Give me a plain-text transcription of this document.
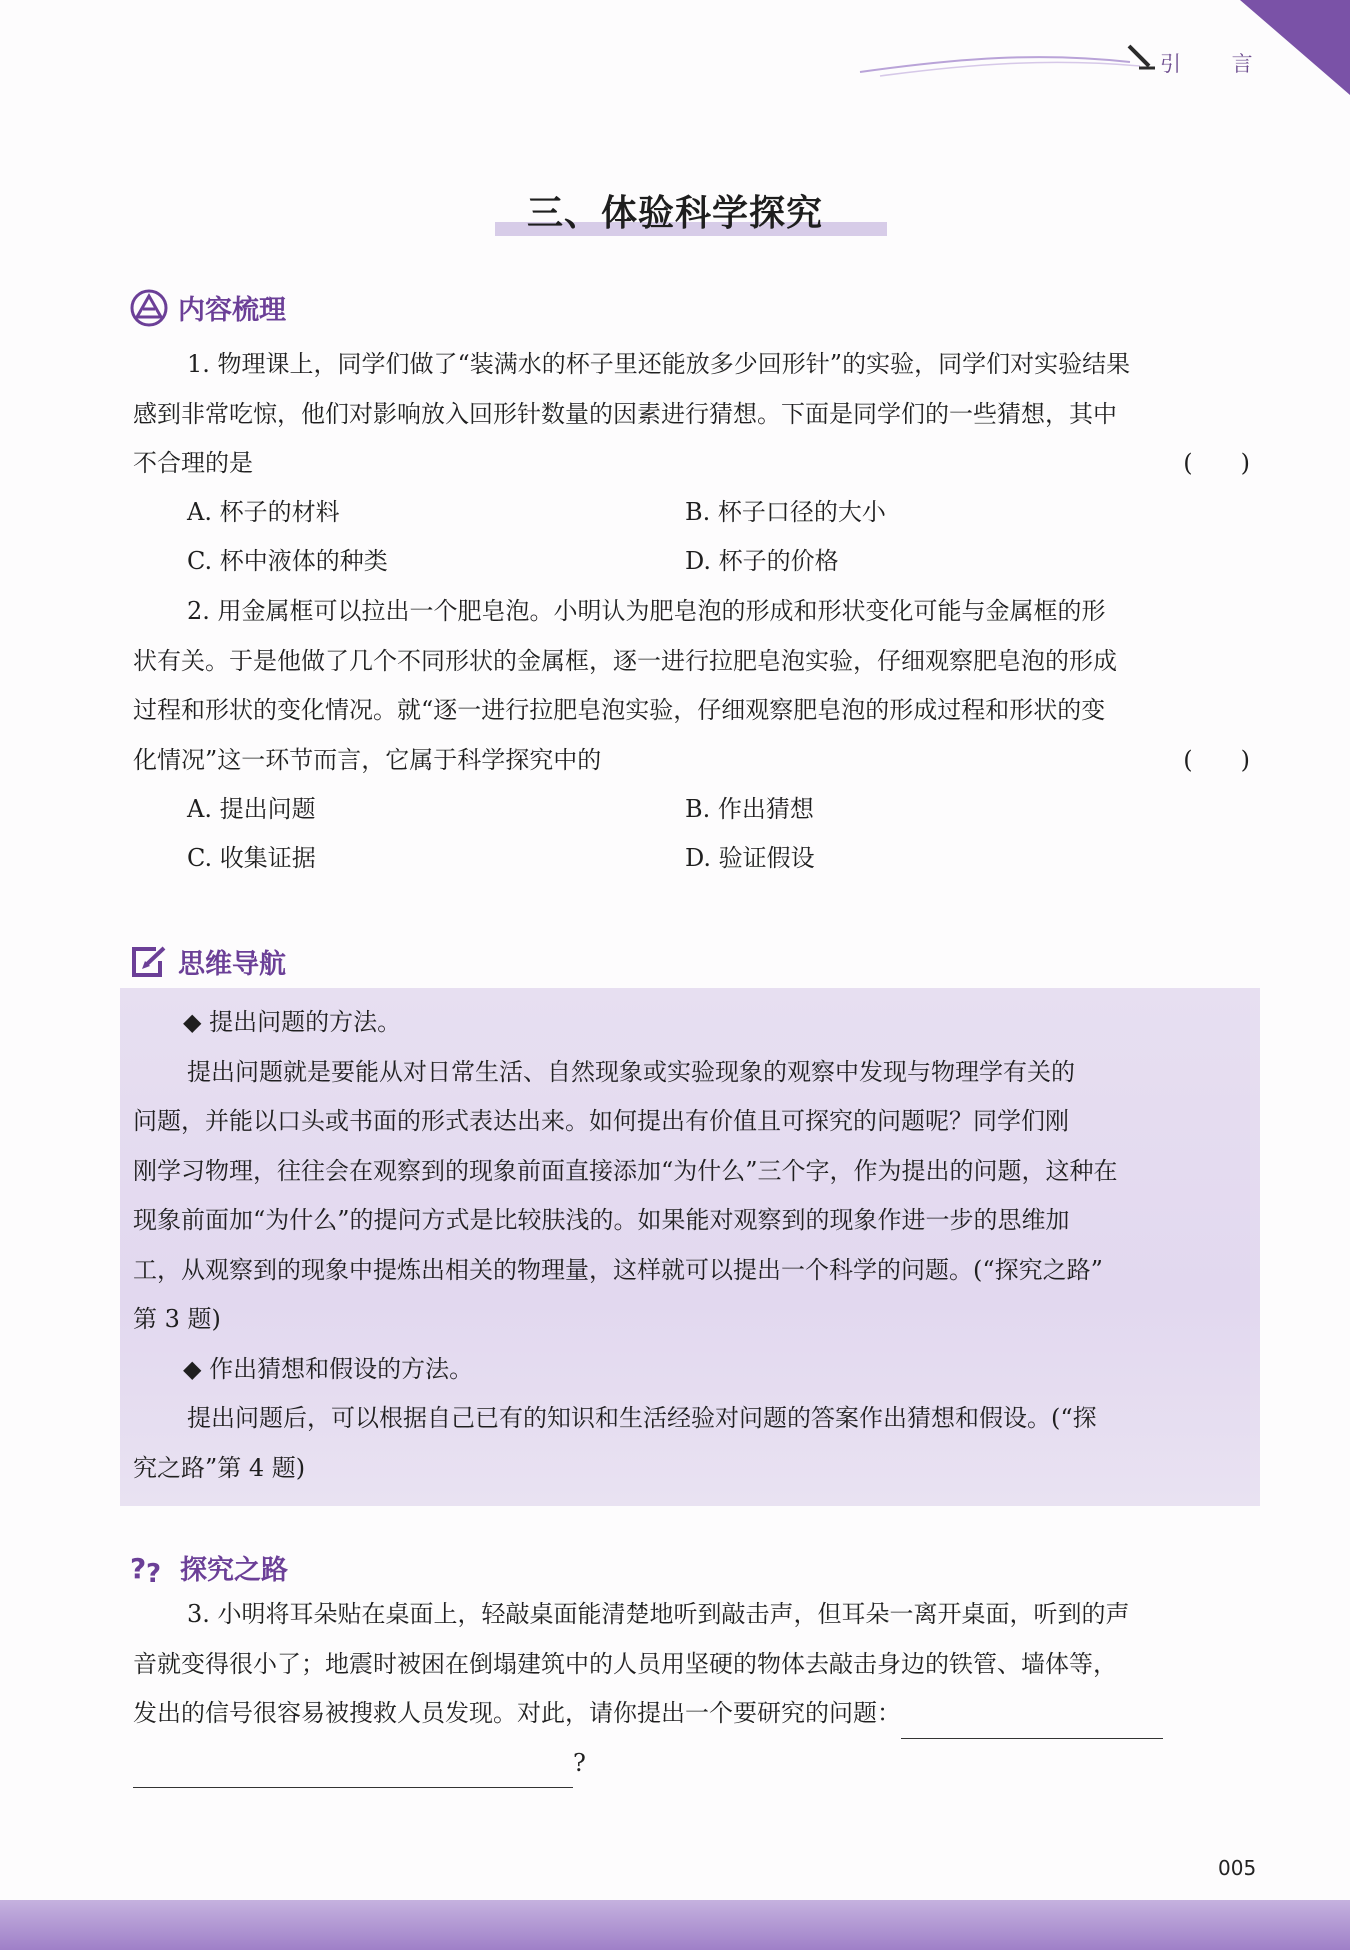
引 言
三、体验科学探究
内容梳理
1. 物理课上，同学们做了“装满水的杯子里还能放多少回形针”的实验，同学们对实验结果
感到非常吃惊，他们对影响放入回形针数量的因素进行猜想。下面是同学们的一些猜想，其中
不合理的是	(　　)
A. 杯子的材料	B. 杯子口径的大小
C. 杯中液体的种类	D. 杯子的价格
2. 用金属框可以拉出一个肥皂泡。小明认为肥皂泡的形成和形状变化可能与金属框的形
状有关。于是他做了几个不同形状的金属框，逐一进行拉肥皂泡实验，仔细观察肥皂泡的形成
过程和形状的变化情况。就“逐一进行拉肥皂泡实验，仔细观察肥皂泡的形成过程和形状的变
化情况”这一环节而言，它属于科学探究中的	(　　)
A. 提出问题	B. 作出猜想
C. 收集证据	D. 验证假设
思维导航
◆ 提出问题的方法。
提出问题就是要能从对日常生活、自然现象或实验现象的观察中发现与物理学有关的
问题，并能以口头或书面的形式表达出来。如何提出有价值且可探究的问题呢？同学们刚
刚学习物理，往往会在观察到的现象前面直接添加“为什么”三个字，作为提出的问题，这种在
现象前面加“为什么”的提问方式是比较肤浅的。如果能对观察到的现象作进一步的思维加
工，从观察到的现象中提炼出相关的物理量，这样就可以提出一个科学的问题。(“探究之路”
第 3 题)
◆ 作出猜想和假设的方法。
提出问题后，可以根据自己已有的知识和生活经验对问题的答案作出猜想和假设。(“探
究之路”第 4 题)
? ? 探究之路
3. 小明将耳朵贴在桌面上，轻敲桌面能清楚地听到敲击声，但耳朵一离开桌面，听到的声
音就变得很小了；地震时被困在倒塌建筑中的人员用坚硬的物体去敲击身边的铁管、墙体等，
发出的信号很容易被搜救人员发现。对此，请你提出一个要研究的问题：
?
005
